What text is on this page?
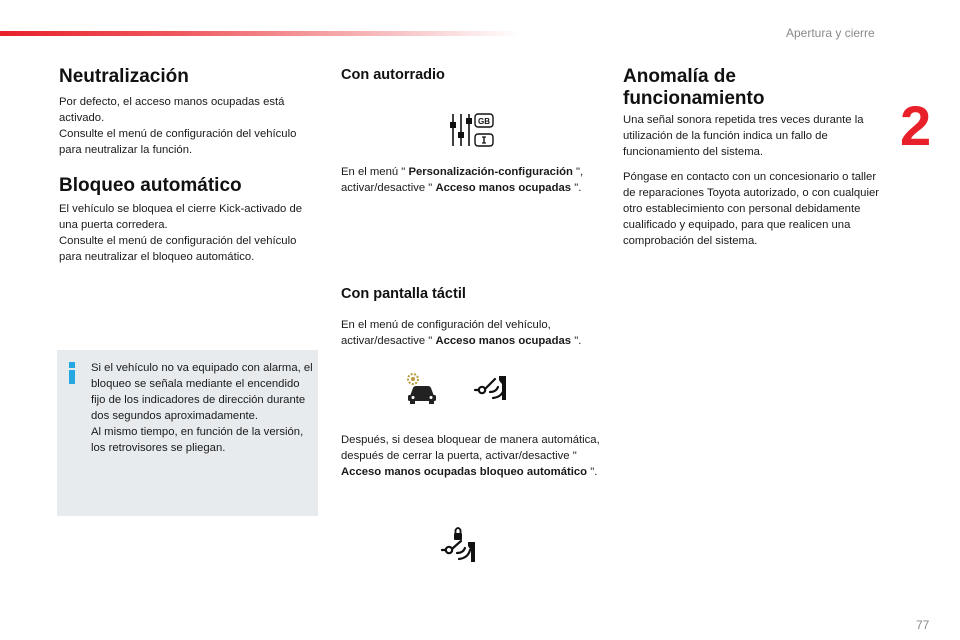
Apertura y cierre
2
77
Neutralización

Por defecto, el acceso manos ocupadas está activado.

Consulte el menú de configuración del vehículo para neutralizar la función.

Bloqueo automático

El vehículo se bloquea el cierre Kick-activado de una puerta corredera.

Consulte el menú de configuración del vehículo para neutralizar el bloqueo automático.

Si el vehículo no va equipado con alarma, el bloqueo se señala mediante el encendido fijo de los indicadores de dirección durante dos segundos aproximadamente.

Al mismo tiempo, en función de la versión, los retrovisores se pliegan.

Con autorradio
GB

En el menú " Personalización-configuración ", activar/desactive " Acceso manos ocupadas ".

Con pantalla táctil

En el menú de configuración del vehículo, activar/desactive " Acceso manos ocupadas ".

Después, si desea bloquear de manera automática, después de cerrar la puerta, activar/desactive " Acceso manos ocupadas bloqueo automático ".

Anomalía de
funcionamiento

Una señal sonora repetida tres veces durante la utilización de la función indica un fallo de funcionamiento del sistema.

Póngase en contacto con un concesionario o taller de reparaciones Toyota autorizado, o con cualquier otro establecimiento con personal debidamente cualificado y equipado, para que realicen una comprobación del sistema.
